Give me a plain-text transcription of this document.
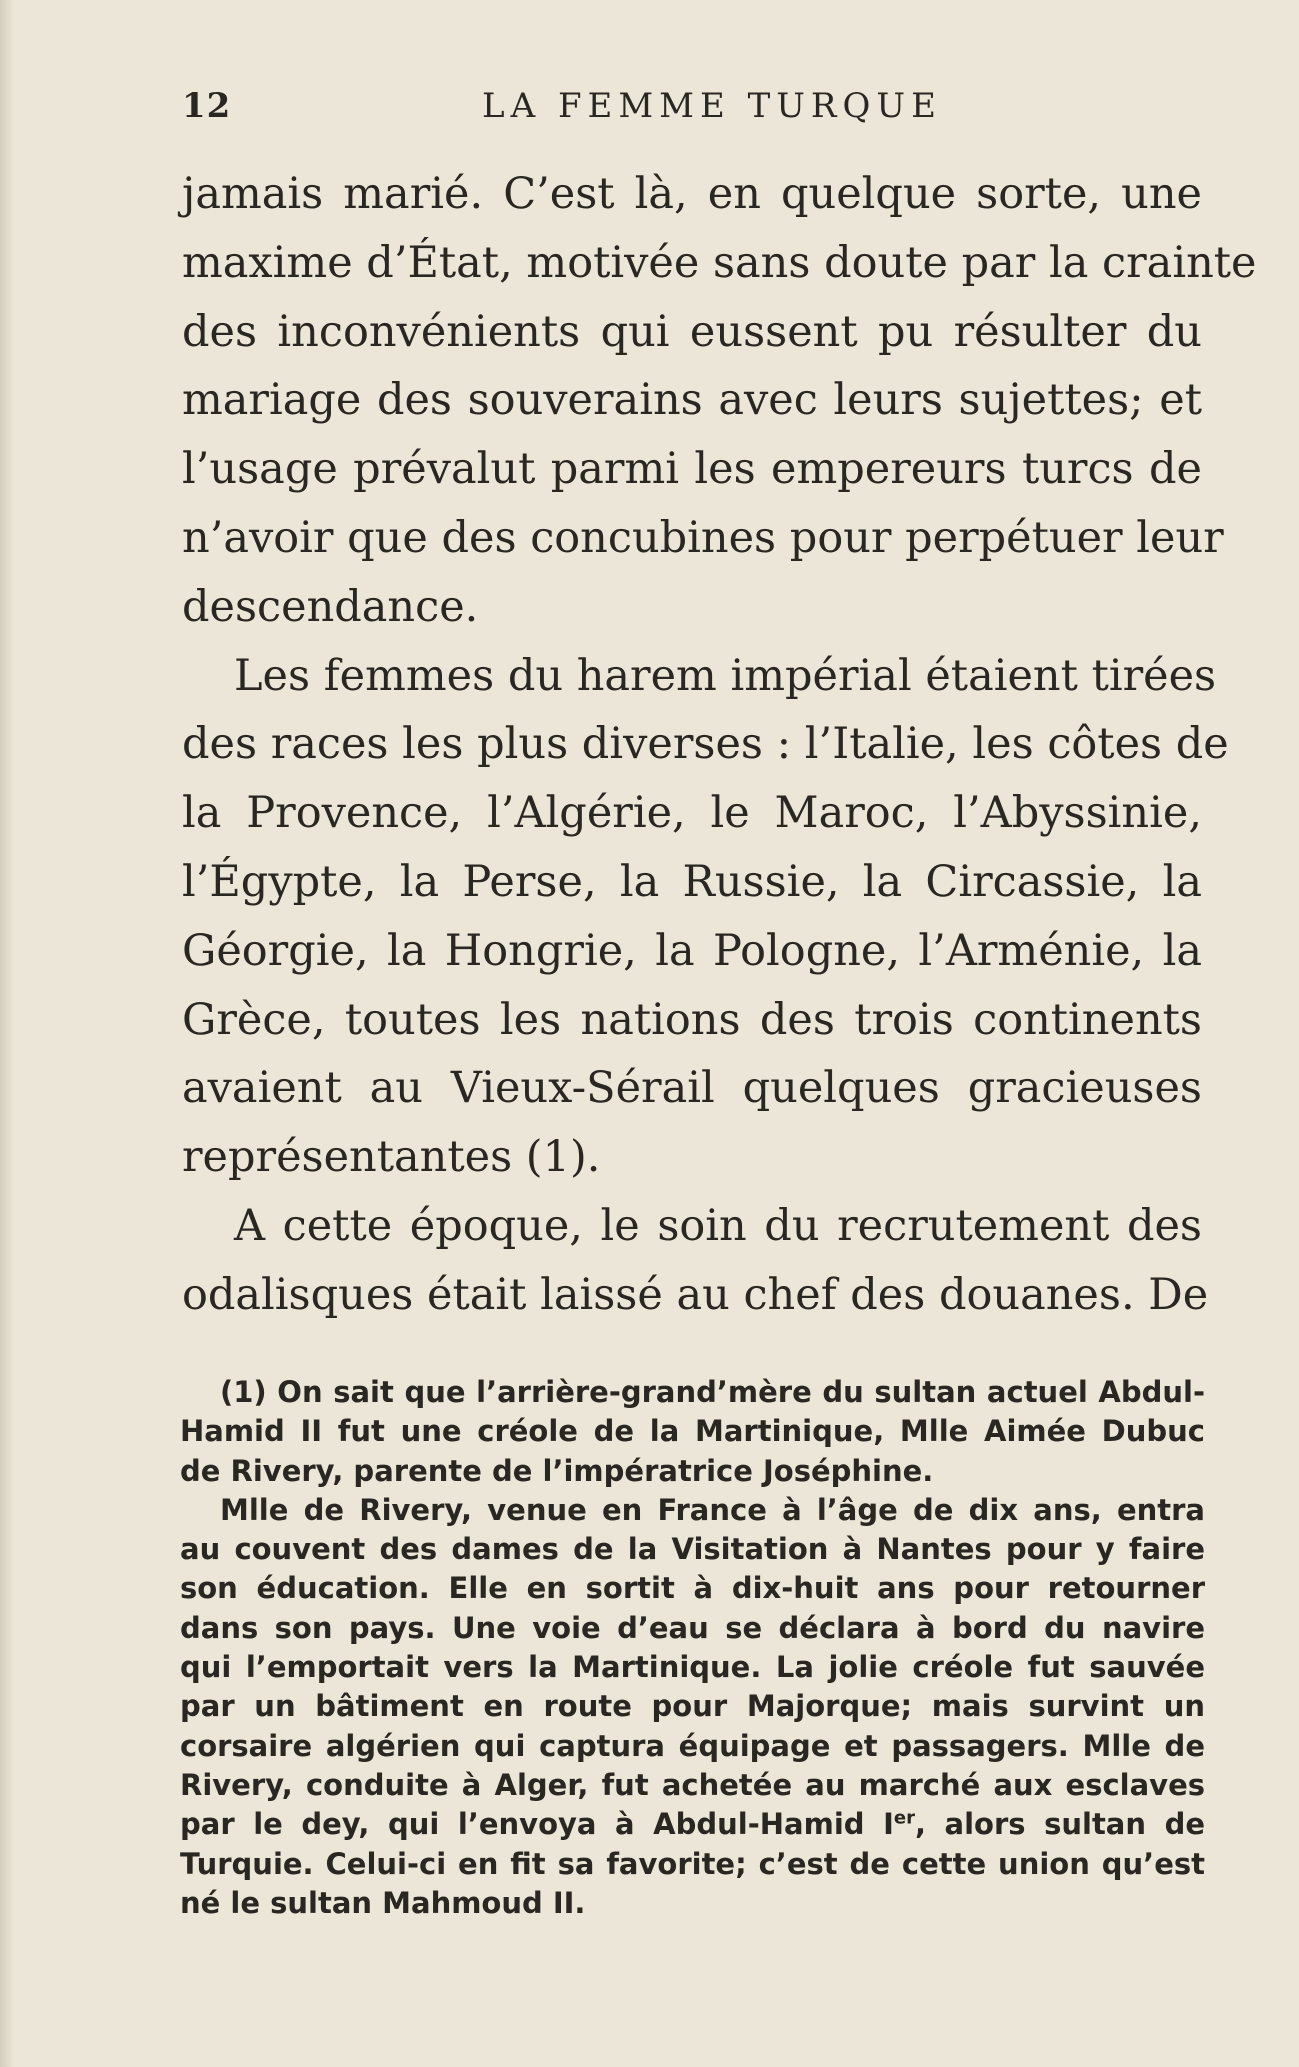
12	LA FEMME TURQUE
jamais marié. C’est là, en quelque sorte, une
maxime d’État, motivée sans doute par la crainte
des inconvénients qui eussent pu résulter du
mariage des souverains avec leurs sujettes; et
l’usage prévalut parmi les empereurs turcs de
n’avoir que des concubines pour perpétuer leur
descendance.
Les femmes du harem impérial étaient tirées
des races les plus diverses : l’Italie, les côtes de
la Provence, l’Algérie, le Maroc, l’Abyssinie,
l’Égypte, la Perse, la Russie, la Circassie, la
Géorgie, la Hongrie, la Pologne, l’Arménie, la
Grèce, toutes les nations des trois continents
avaient au Vieux-Sérail quelques gracieuses
représentantes (1).
A cette époque, le soin du recrutement des
odalisques était laissé au chef des douanes. De
(1) On sait que l’arrière-grand’mère du sultan actuel Abdul-
Hamid II fut une créole de la Martinique, Mlle Aimée Dubuc
de Rivery, parente de l’impératrice Joséphine.
Mlle de Rivery, venue en France à l’âge de dix ans, entra
au couvent des dames de la Visitation à Nantes pour y faire
son éducation. Elle en sortit à dix-huit ans pour retourner
dans son pays. Une voie d’eau se déclara à bord du navire
qui l’emportait vers la Martinique. La jolie créole fut sauvée
par un bâtiment en route pour Majorque; mais survint un
corsaire algérien qui captura équipage et passagers. Mlle de
Rivery, conduite à Alger, fut achetée au marché aux esclaves
par le dey, qui l’envoya à Abdul-Hamid Ier, alors sultan de
Turquie. Celui-ci en fit sa favorite; c’est de cette union qu’est
né le sultan Mahmoud II.
